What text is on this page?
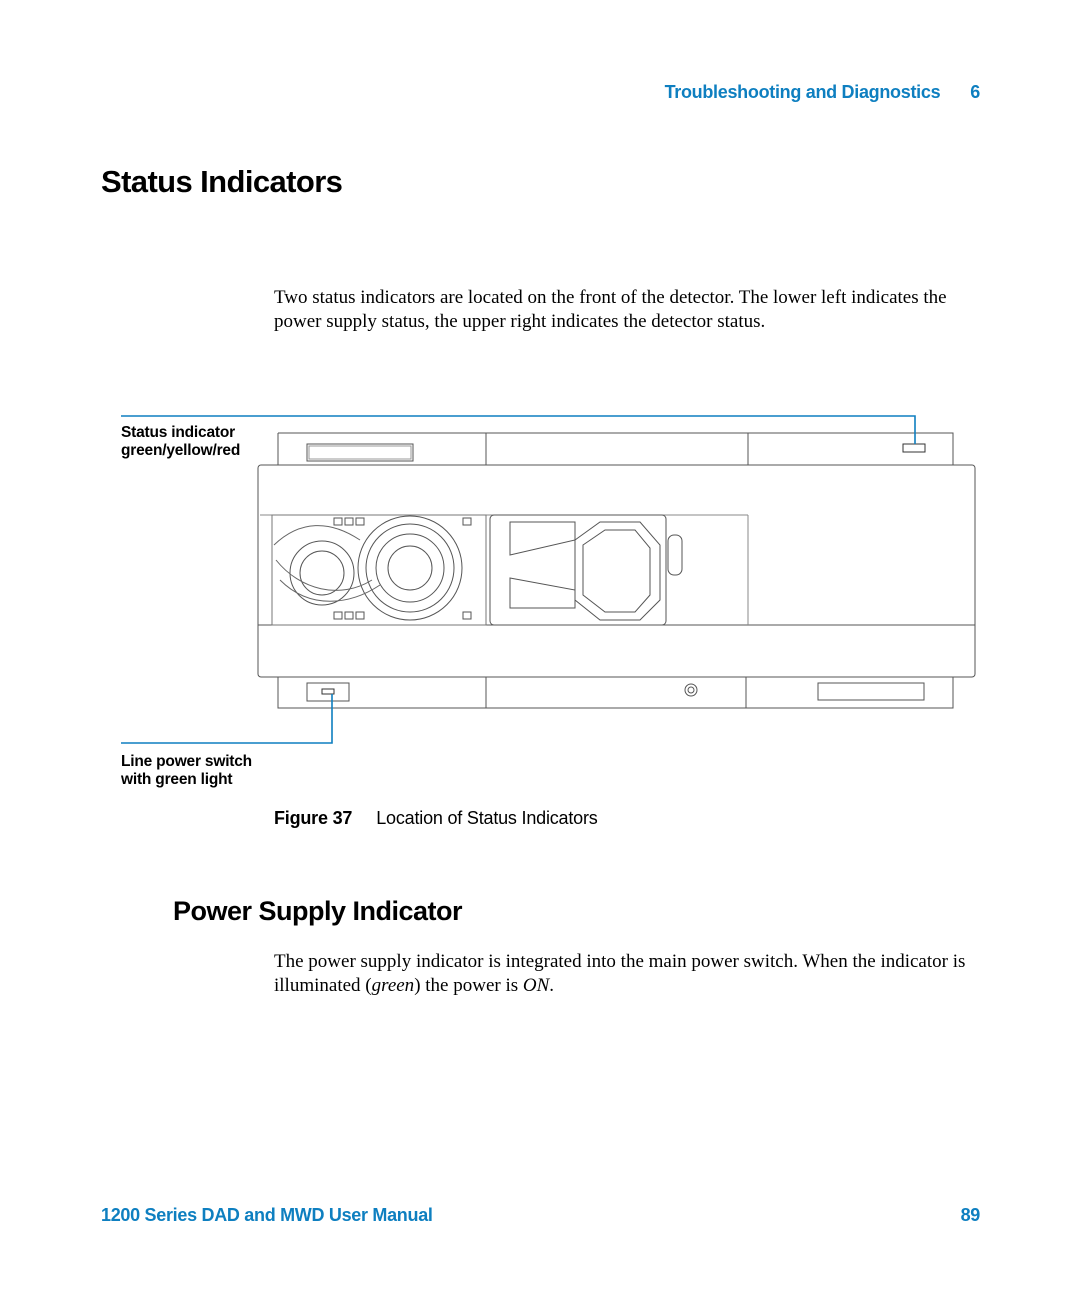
Troubleshooting and Diagnostics 6
Status Indicators

Two status indicators are located on the front of the detector. The lower left indicates the power supply status, the upper right indicates the detector status.

Status indicator
green/yellow/red
Line power switch
with green light
Figure 37 Location of Status Indicators
Power Supply Indicator

The power supply indicator is integrated into the main power switch. When the indicator is illuminated (green) the power is ON.

1200 Series DAD and MWD User Manual	89
